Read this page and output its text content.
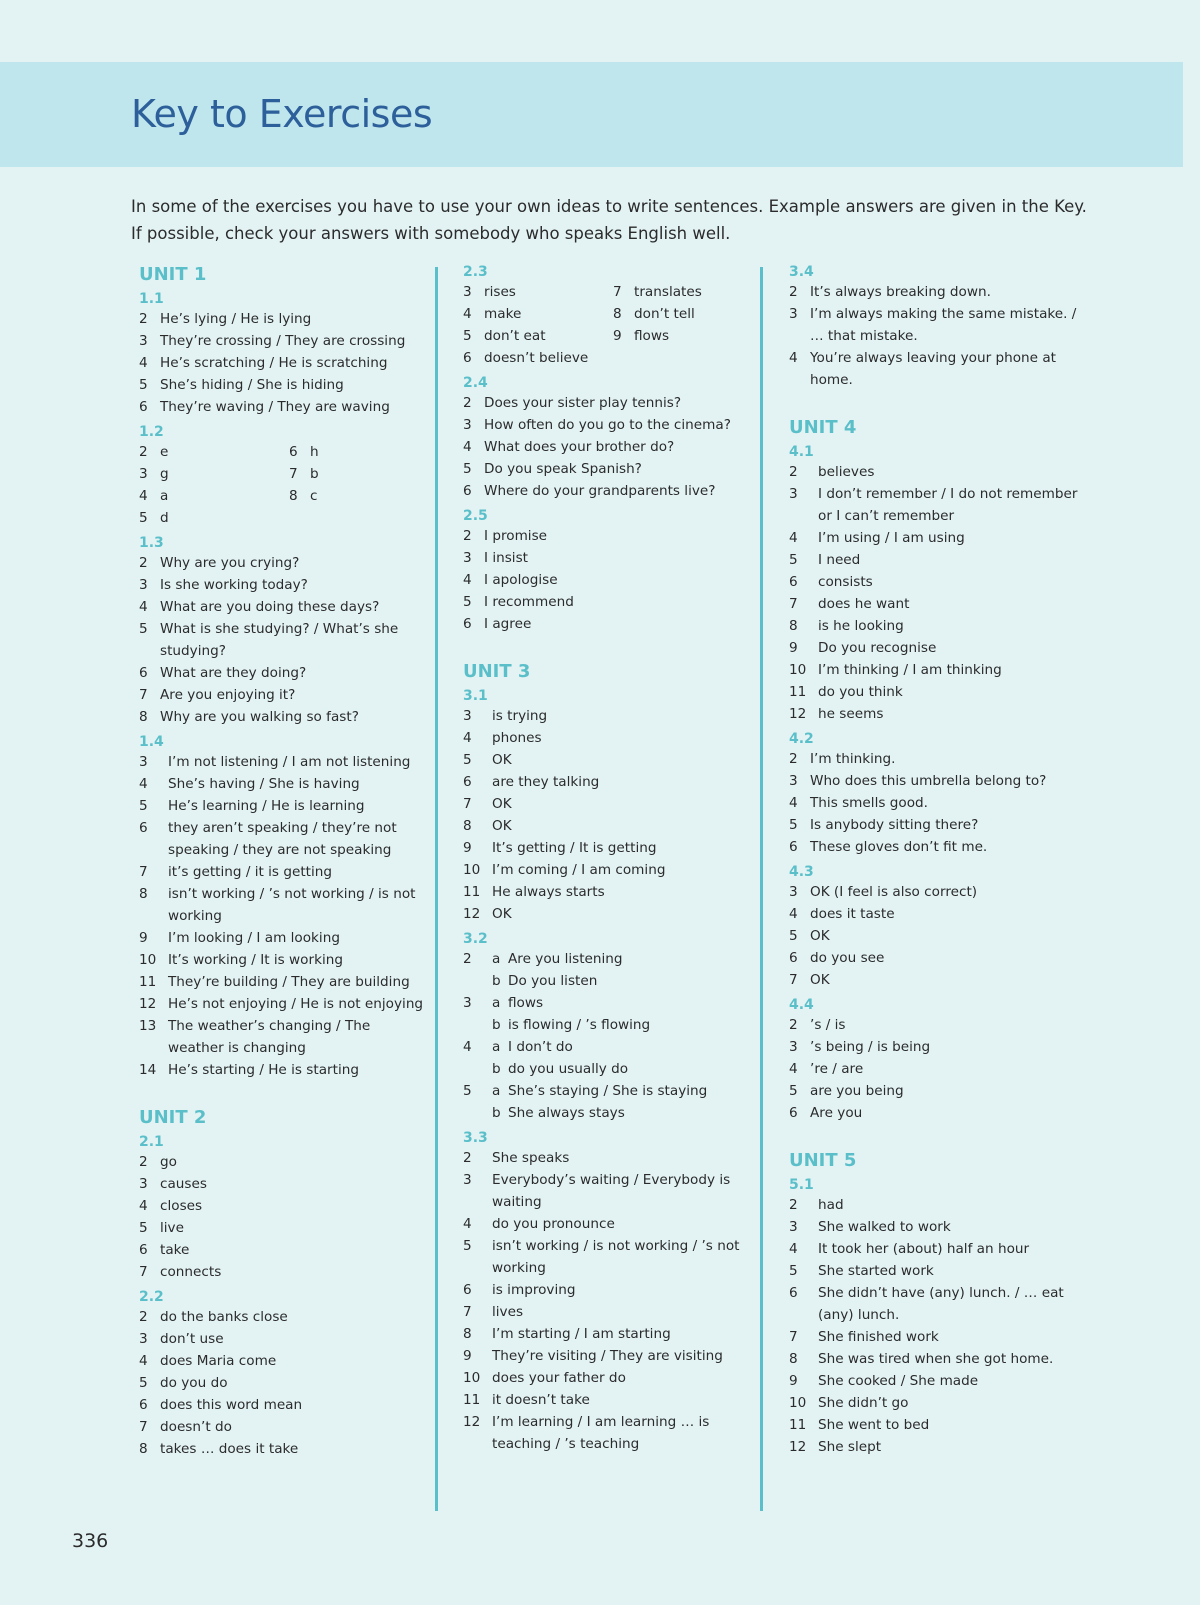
Key to Exercises
In some of the exercises you have to use your own ideas to write sentences. Example answers are given in the Key.
If possible, check your answers with somebody who speaks English well.
UNIT 1
1.1
2 He’s lying / He is lying
3 They’re crossing / They are crossing
4 He’s scratching / He is scratching
5 She’s hiding / She is hiding
6 They’re waving / They are waving
1.2
2 e	6 h
3 g	7 b
4 a	8 c
5 d
1.3
2 Why are you crying?
3 Is she working today?
4 What are you doing these days?
5 What is she studying? / What’s she studying?
6 What are they doing?
7 Are you enjoying it?
8 Why are you walking so fast?
1.4
3	I’m not listening / I am not listening
4	She’s having / She is having
5	He’s learning / He is learning
6	they aren’t speaking / they’re not speaking / they are not speaking
7	it’s getting / it is getting
8	isn’t working / ’s not working / is not working
9	I’m looking / I am looking
10 It’s working / It is working
11 They’re building / They are building
12 He’s not enjoying / He is not enjoying
13 The weather’s changing / The weather is changing
14 He’s starting / He is starting
UNIT 2
2.1
2 go
3 causes
4 closes
5 live
6 take
7 connects
2.2
2 do the banks close
3 don’t use
4 does Maria come
5 do you do
6 does this word mean
7 doesn’t do
8 takes … does it take
2.3
3 rises	7 translates
4 make	8 don’t tell
5 don’t eat	9 flows
6 doesn’t believe
2.4
2 Does your sister play tennis?
3 How often do you go to the cinema?
4 What does your brother do?
5 Do you speak Spanish?
6 Where do your grandparents live?
2.5
2 I promise
3 I insist
4 I apologise
5 I recommend
6 I agree
UNIT 3
3.1
3	is trying
4	phones
5	OK
6	are they talking
7	OK
8	OK
9	It’s getting / It is getting
10 I’m coming / I am coming
11 He always starts
12 OK
3.2
2	a Are you listening
b Do you listen
3	a flows
b is flowing / ’s flowing
4	a I don’t do
b do you usually do
5	a She’s staying / She is staying
b She always stays
3.3
2	She speaks
3	Everybody’s waiting / Everybody is waiting
4	do you pronounce
5	isn’t working / is not working / ’s not working
6	is improving
7	lives
8	I’m starting / I am starting
9	They’re visiting / They are visiting
10 does your father do
11 it doesn’t take
12 I’m learning / I am learning … is teaching / ’s teaching
3.4
2 It’s always breaking down.
3 I’m always making the same mistake. / … that mistake.
4 You’re always leaving your phone at home.
UNIT 4
4.1
2	believes
3	I don’t remember / I do not remember or I can’t remember
4	I’m using / I am using
5	I need
6	consists
7	does he want
8	is he looking
9	Do you recognise
10 I’m thinking / I am thinking
11 do you think
12 he seems
4.2
2 I’m thinking.
3 Who does this umbrella belong to?
4 This smells good.
5 Is anybody sitting there?
6 These gloves don’t fit me.
4.3
3 OK (I feel is also correct)
4 does it taste
5 OK
6 do you see
7 OK
4.4
2 ’s / is
3 ’s being / is being
4 ’re / are
5 are you being
6 Are you
UNIT 5
5.1
2	had
3	She walked to work
4	It took her (about) half an hour
5	She started work
6	She didn’t have (any) lunch. / … eat (any) lunch.
7	She finished work
8	She was tired when she got home.
9	She cooked / She made
10 She didn’t go
11 She went to bed
12 She slept
336
